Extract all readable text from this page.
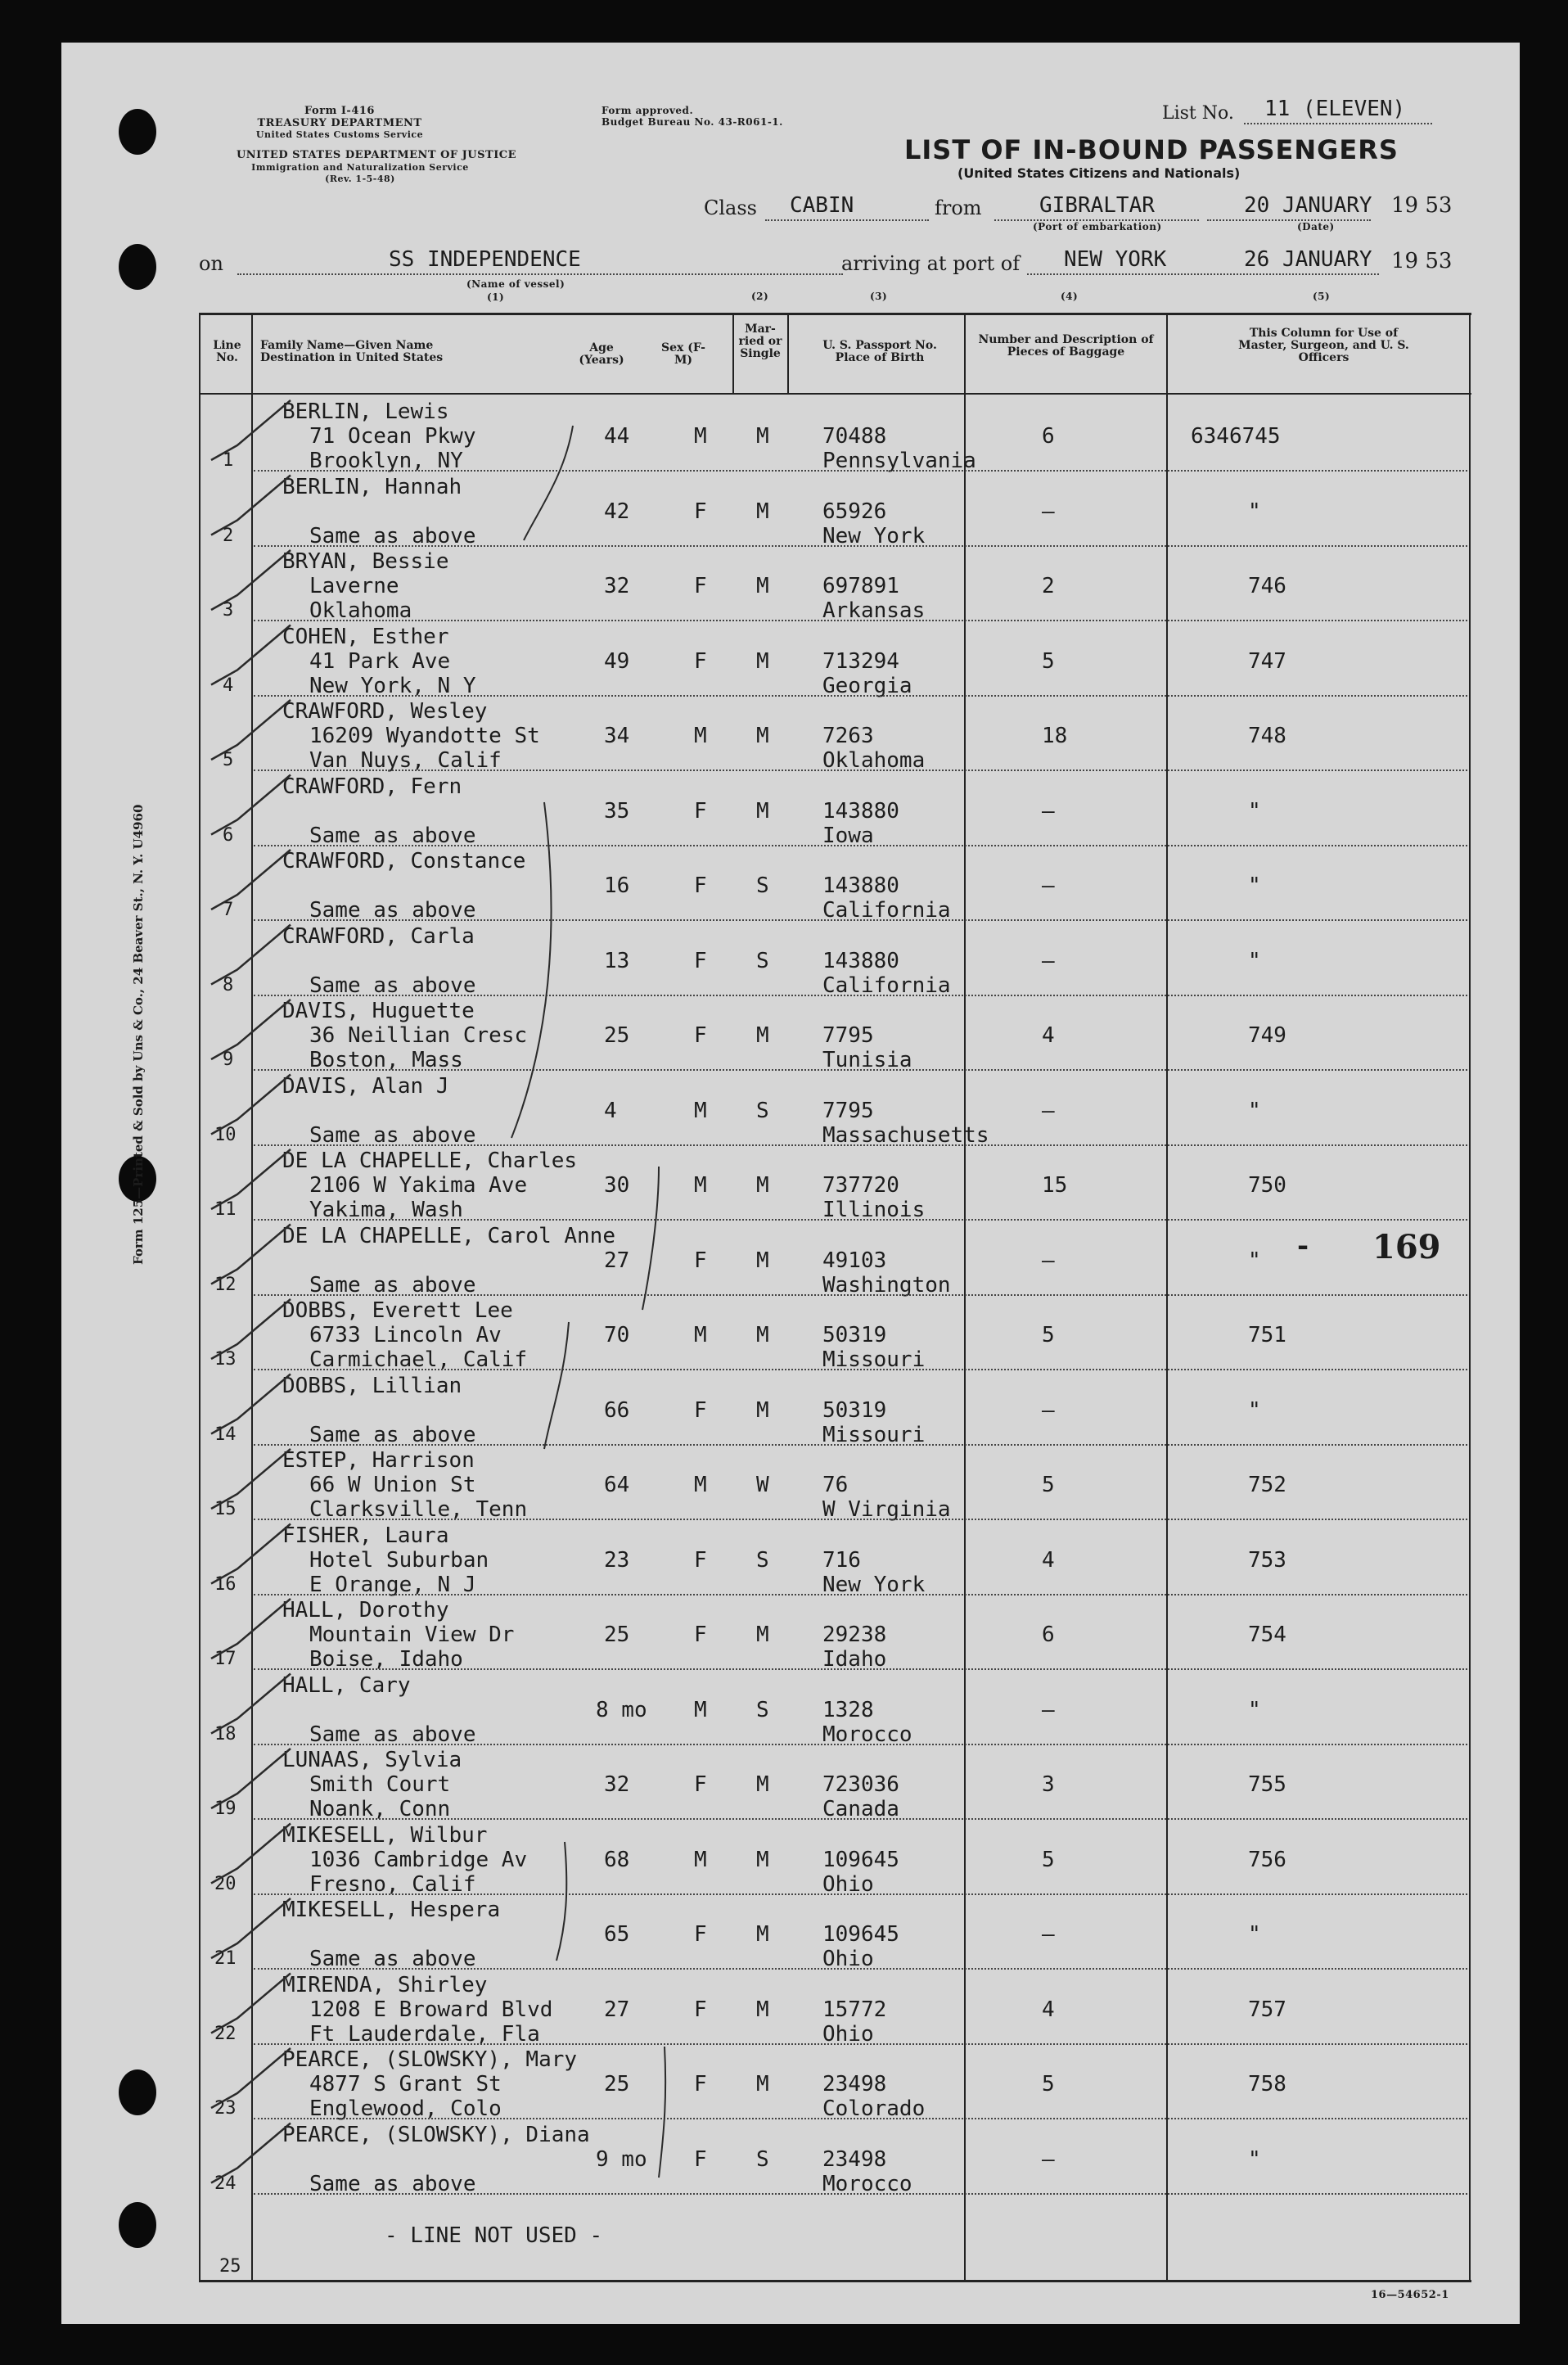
Form I-416
TREASURY DEPARTMENT
United States Customs Service
UNITED STATES DEPARTMENT OF JUSTICE
Immigration and Naturalization Service
(Rev. 1-5-48)
Form approved.
Budget Bureau No. 43-R061-1.	List No. 11 (ELEVEN)
LIST OF IN-BOUND PASSENGERS
(United States Citizens and Nationals)
Class CABIN	from	GIBRALTAR
(Port of embarkation)
20 JANUARY
(Date)
19 53
on	SS INDEPENDENCE
(Name of vessel)
(1)
arriving at port of NEW YORK	26 JANUARY 19 53
(2)	(3)	(4)	(5)
Line No.
Family Name—Given Name Destination in United States
Age (Years)
Sex (F-M)
Mar-ried or Single
U. S. Passport No. Place of Birth
Number and Description of Pieces of Baggage
This Column for Use of Master, Surgeon, and U. S. Officers
1
BERLIN, Lewis
71 Ocean Pkwy
Brooklyn, NY
44	M M	70488
Pennsylvania
6	6346745
2
BERLIN, Hannah
Same as above
42	F M	65926
New York
–	"
3
BRYAN, Bessie
Laverne
Oklahoma
32	F M	697891
Arkansas
2	746
4
COHEN, Esther
41 Park Ave
New York, N Y
49	F M	713294
Georgia
5	747
5
CRAWFORD, Wesley
16209 Wyandotte St
Van Nuys, Calif
34	M M	7263
Oklahoma
18	748
6
CRAWFORD, Fern
Same as above
35	F M	143880
Iowa
–	"
7
CRAWFORD, Constance
Same as above
16	F S	143880
California
–	"
8
CRAWFORD, Carla
Same as above
13	F S	143880
California
–	"
9
DAVIS, Huguette
36 Neillian Cresc
Boston, Mass
25	F M	7795
Tunisia
4	749
10
DAVIS, Alan J
Same as above
4	M S	7795
Massachusetts
–	"
11
DE LA CHAPELLE, Charles
2106 W Yakima Ave
Yakima, Wash
30	M M	737720
Illinois
15	750
12
DE LA CHAPELLE, Carol Anne
Same as above
27	F M	49103
Washington
–	"
13
DOBBS, Everett Lee
6733 Lincoln Av
Carmichael, Calif
70	M M	50319
Missouri
5	751
14
DOBBS, Lillian
Same as above
66	F M	50319
Missouri
–	"
15
ESTEP, Harrison
66 W Union St
Clarksville, Tenn
64	M W	76
W Virginia
5	752
16
FISHER, Laura
Hotel Suburban
E Orange, N J
23	F S	716
New York
4	753
17
HALL, Dorothy
Mountain View Dr
Boise, Idaho
25	F M	29238
Idaho
6	754
18
HALL, Cary
Same as above
8 mo M S	1328
Morocco
–	"
19
LUNAAS, Sylvia
Smith Court
Noank, Conn
32	F M	723036
Canada
3	755
20
MIKESELL, Wilbur
1036 Cambridge Av
Fresno, Calif
68	M M	109645
Ohio
5	756
21
MIKESELL, Hespera
Same as above
65	F M	109645
Ohio
–	"
22
MIRENDA, Shirley
1208 E Broward Blvd
Ft Lauderdale, Fla
27	F M	15772
Ohio
4	757
23
PEARCE, (SLOWSKY), Mary
4877 S Grant St
Englewood, Colo
25	F M	23498
Colorado
5	758
24
PEARCE, (SLOWSKY), Diana
Same as above
9 mo F S	23498
Morocco
–	"
25
- LINE NOT USED -
- 169
Form 125—Printed & Sold by Uns & Co., 24 Beaver St., N. Y. U4960
16—54652-1
